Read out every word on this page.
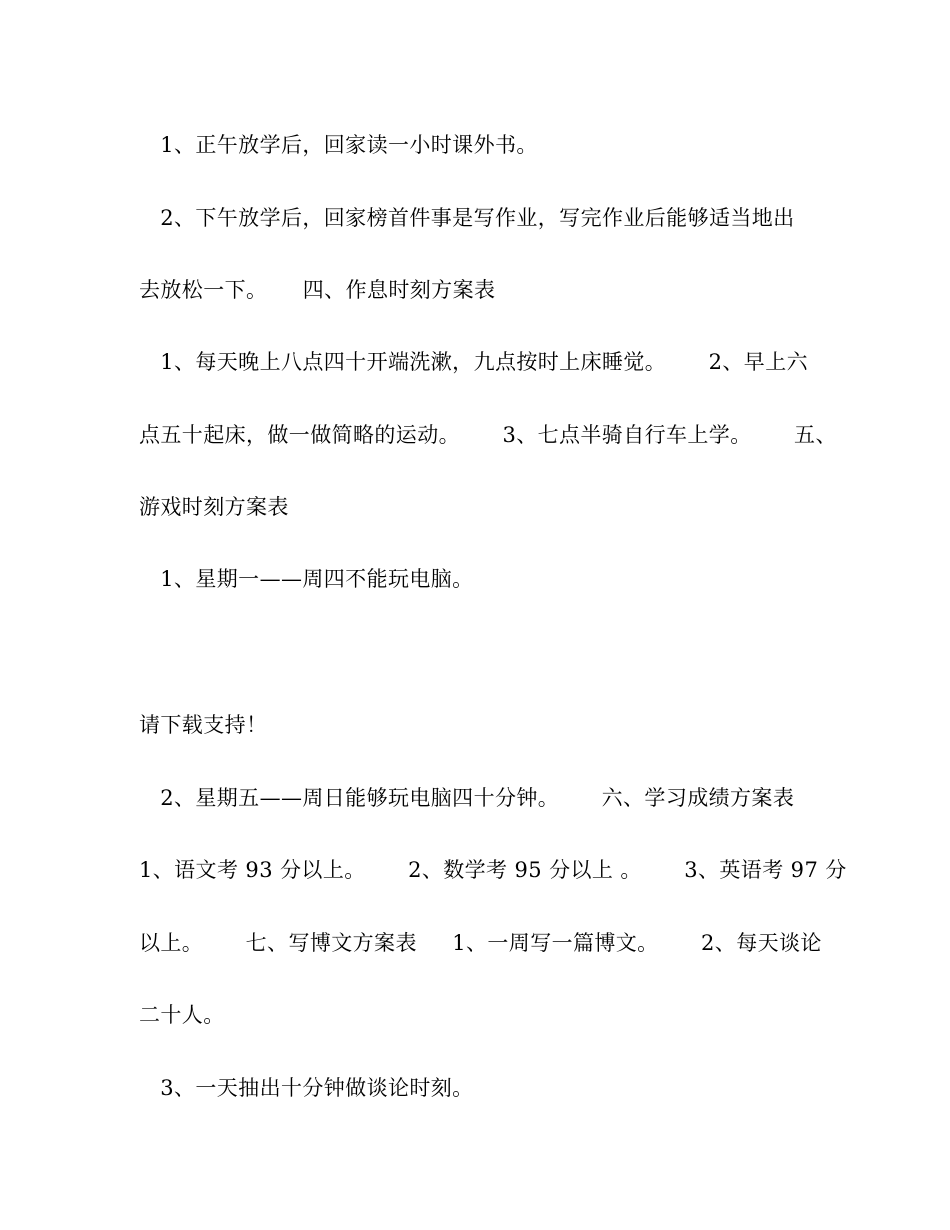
1、正午放学后，回家读一小时课外书。
2、下午放学后，回家榜首件事是写作业，写完作业后能够适当地出
去放松一下。     四、作息时刻方案表
1、每天晚上八点四十开端洗漱，九点按时上床睡觉。      2、早上六
点五十起床，做一做简略的运动。      3、七点半骑自行车上学。      五、
游戏时刻方案表
1、星期一——周四不能玩电脑。
请下载支持！
2、星期五——周日能够玩电脑四十分钟。      六、学习成绩方案表
1、语文考 93 分以上。      2、数学考 95 分以上 。      3、英语考 97 分
以上。      七、写博文方案表     1、一周写一篇博文。      2、每天谈论
二十人。
3、一天抽出十分钟做谈论时刻。
